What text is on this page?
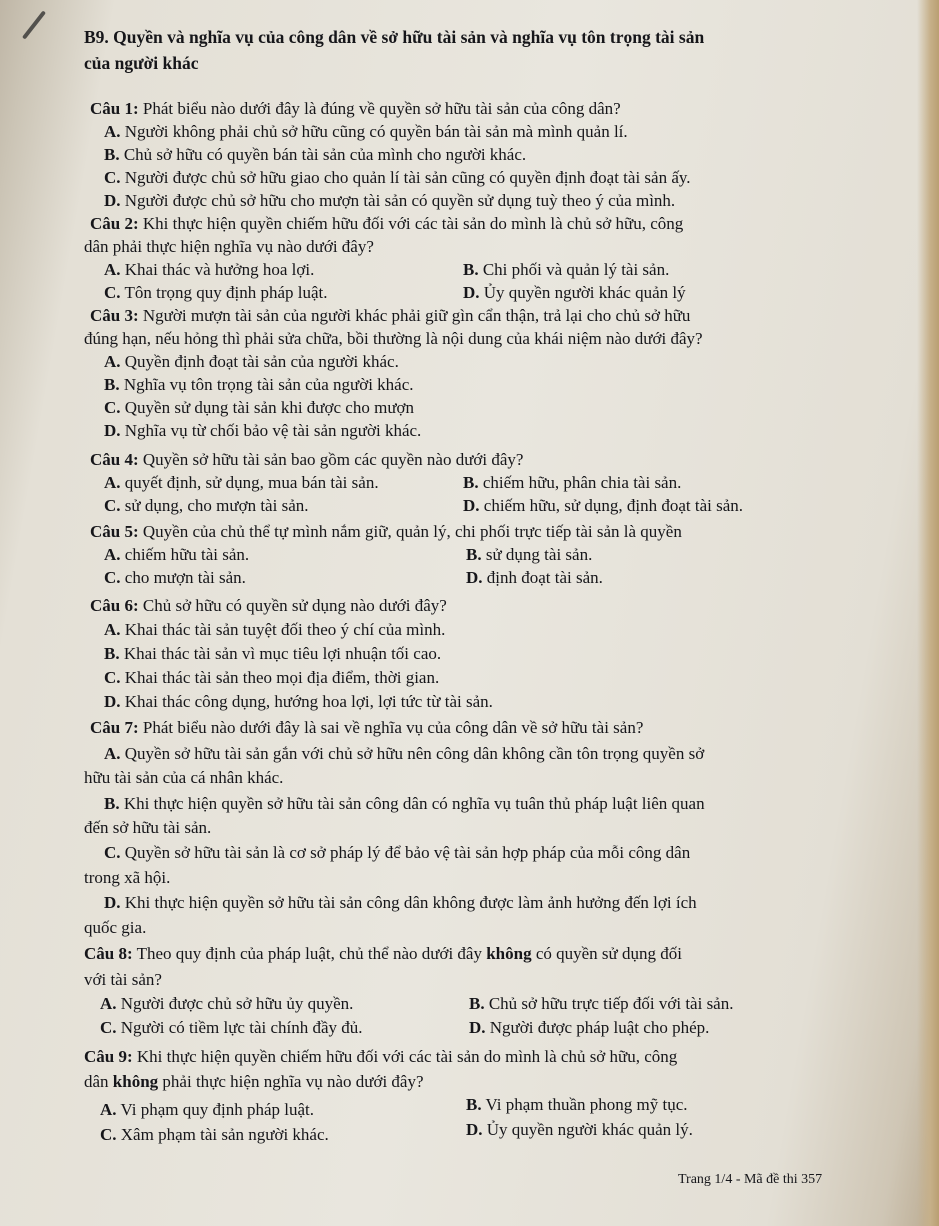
B9. Quyền và nghĩa vụ của công dân về sở hữu tài sản và nghĩa vụ tôn trọng tài sản
của người khác
Câu 1: Phát biểu nào dưới đây là đúng về quyền sở hữu tài sản của công dân?
A. Người không phải chủ sở hữu cũng có quyền bán tài sản mà mình quản lí.
B. Chủ sở hữu có quyền bán tài sản của mình cho người khác.
C. Người được chủ sở hữu giao cho quản lí tài sản cũng có quyền định đoạt tài sản ấy.
D. Người được chủ sở hữu cho mượn tài sản có quyền sử dụng tuỳ theo ý của mình.
Câu 2: Khi thực hiện quyền chiếm hữu đối với các tài sản do mình là chủ sở hữu, công
dân phải thực hiện nghĩa vụ nào dưới đây?
A. Khai thác và hưởng hoa lợi.	B. Chi phối và quản lý tài sản.
C. Tôn trọng quy định pháp luật.	D. Ủy quyền người khác quản lý
Câu 3: Người mượn tài sản của người khác phải giữ gìn cẩn thận, trả lại cho chủ sở hữu
đúng hạn, nếu hỏng thì phải sửa chữa, bồi thường là nội dung của khái niệm nào dưới đây?
A. Quyền định đoạt tài sản của người khác.
B. Nghĩa vụ tôn trọng tài sản của người khác.
C. Quyền sử dụng tài sản khi được cho mượn
D. Nghĩa vụ từ chối bảo vệ tài sản người khác.
Câu 4: Quyền sở hữu tài sản bao gồm các quyền nào dưới đây?
A. quyết định, sử dụng, mua bán tài sản.	B. chiếm hữu, phân chia tài sản.
C. sử dụng, cho mượn tài sản.	D. chiếm hữu, sử dụng, định đoạt tài sản.
Câu 5: Quyền của chủ thể tự mình nắm giữ, quản lý, chi phối trực tiếp tài sản là quyền
A. chiếm hữu tài sản.	B. sử dụng tài sản.
C. cho mượn tài sản.	D. định đoạt tài sản.
Câu 6: Chủ sở hữu có quyền sử dụng nào dưới đây?
A. Khai thác tài sản tuyệt đối theo ý chí của mình.
B. Khai thác tài sản vì mục tiêu lợi nhuận tối cao.
C. Khai thác tài sản theo mọi địa điểm, thời gian.
D. Khai thác công dụng, hướng hoa lợi, lợi tức từ tài sản.
Câu 7: Phát biểu nào dưới đây là sai về nghĩa vụ của công dân về sở hữu tài sản?
A. Quyền sở hữu tài sản gắn với chủ sở hữu nên công dân không cần tôn trọng quyền sở
hữu tài sản của cá nhân khác.
B. Khi thực hiện quyền sở hữu tài sản công dân có nghĩa vụ tuân thủ pháp luật liên quan
đến sở hữu tài sản.
C. Quyền sở hữu tài sản là cơ sở pháp lý để bảo vệ tài sản hợp pháp của mỗi công dân
trong xã hội.
D. Khi thực hiện quyền sở hữu tài sản công dân không được làm ảnh hưởng đến lợi ích
quốc gia.
Câu 8: Theo quy định của pháp luật, chủ thể nào dưới đây không có quyền sử dụng đối
với tài sản?
A. Người được chủ sở hữu ủy quyền.	B. Chủ sở hữu trực tiếp đối với tài sản.
C. Người có tiềm lực tài chính đầy đủ.	D. Người được pháp luật cho phép.
Câu 9: Khi thực hiện quyền chiếm hữu đối với các tài sản do mình là chủ sở hữu, công
dân không phải thực hiện nghĩa vụ nào dưới đây?
A. Vi phạm quy định pháp luật.	B. Vi phạm thuần phong mỹ tục.
C. Xâm phạm tài sản người khác.	D. Ủy quyền người khác quản lý.
Trang 1/4 - Mã đề thi 357
